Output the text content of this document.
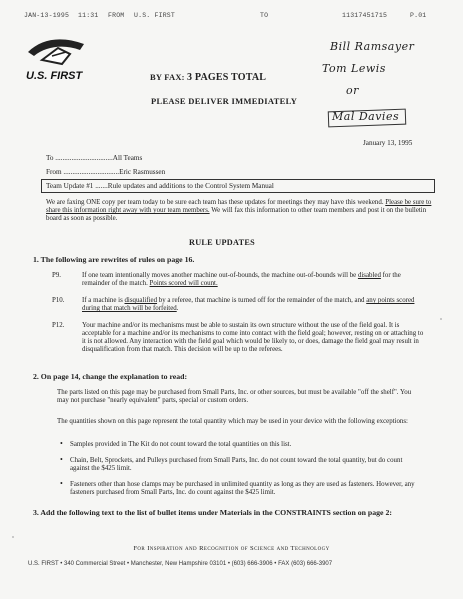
JAN-13-1995 11:31 FROM U.S. FIRST	TO	11317451715	P.01
U.S. FIRST
Bill Ramsayer
Tom Lewis
or
Mal Davies
BY FAX: 3 PAGES TOTAL
PLEASE DELIVER IMMEDIATELY
January 13, 1995
To ................................All Teams
From ...............................Eric Rasmussen
Team Update #1 .......Rule updates and additions to the Control System Manual
We are faxing ONE copy per team today to be sure each team has these updates for meetings they may have this weekend. Please be sure to share this information right away with your team members. We will fax this information to other team members and post it on the bulletin board as soon as possible.
RULE UPDATES
1. The following are rewrites of rules on page 16.
P9.	If one team intentionally moves another machine out-of-bounds, the machine out-of-bounds will be disabled for the remainder of the match. Points scored will count.
P10.	If a machine is disqualified by a referee, that machine is turned off for the remainder of the match, and any points scored during that match will be forfeited.
P12.	Your machine and/or its mechanisms must be able to sustain its own structure without the use of the field goal. It is acceptable for a machine and/or its mechanisms to come into contact with the field goal; however, resting on or attaching to it is not allowed. Any interaction with the field goal which would be likely to, or does, damage the field goal may result in disqualification from that match. This decision will be up to the referees.
2. On page 14, change the explanation to read:
The parts listed on this page may be purchased from Small Parts, Inc. or other sources, but must be available "off the shelf". You may not purchase "nearly equivalent" parts, special or custom orders.
The quantities shown on this page represent the total quantity which may be used in your device with the following exceptions:
• Samples provided in The Kit do not count toward the total quantities on this list.
• Chain, Belt, Sprockets, and Pulleys purchased from Small Parts, Inc. do not count toward the total quantity, but do count against the $425 limit.
• Fasteners other than hose clamps may be purchased in unlimited quantity as long as they are used as fasteners. However, any fasteners purchased from Small Parts, Inc. do count against the $425 limit.
3. Add the following text to the list of bullet items under Materials in the CONSTRAINTS section on page 2:
For Inspiration and Recognition of Science and Technology
U.S. FIRST • 340 Commercial Street • Manchester, New Hampshire 03101 • (603) 666-3906 • FAX (603) 666-3907
